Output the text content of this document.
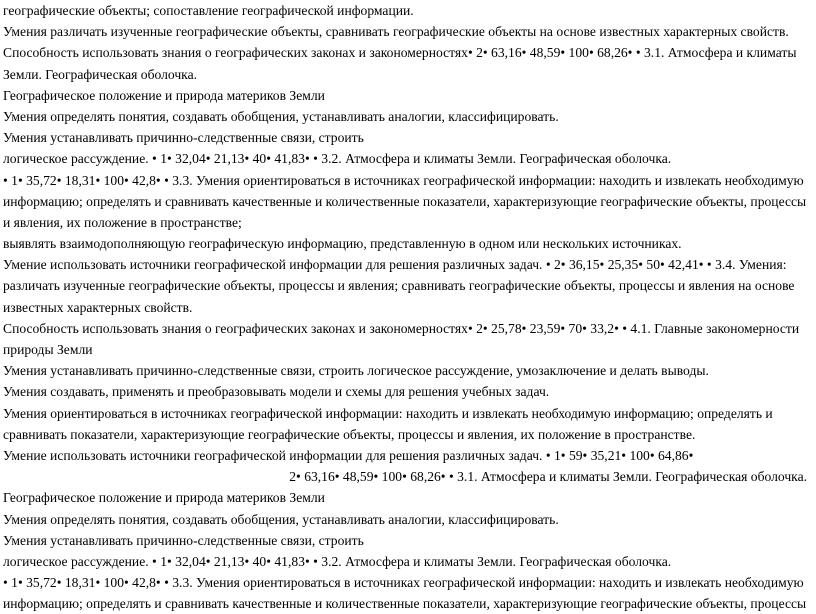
географические объекты; сопоставление географической информации.
Умения различать изученные географические объекты, сравнивать географические объекты на основе известных характерных свойств.
Способность использовать знания о географических законах и закономерностях• 2• 63,16• 48,59• 100• 68,26• • 3.1. Атмосфера и климаты
Земли. Географическая оболочка.
Географическое положение и природа материков Земли
Умения определять понятия, создавать обобщения, устанавливать аналогии, классифицировать.
Умения устанавливать причинно-следственные связи, строить
логическое рассуждение. • 1• 32,04• 21,13• 40• 41,83• • 3.2. Атмосфера и климаты Земли. Географическая оболочка.
• 1• 35,72• 18,31• 100• 42,8• • 3.3. Умения ориентироваться в источниках географической информации: находить и извлекать необходимую
информацию; определять и сравнивать качественные и количественные показатели, характеризующие географические объекты, процессы
и явления, их положение в пространстве;
выявлять взаимодополняющую географическую информацию, представленную в одном или нескольких источниках.
Умение использовать источники географической информации для решения различных задач. • 2• 36,15• 25,35• 50• 42,41• • 3.4. Умения:
различать изученные географические объекты, процессы и явления; сравнивать географические объекты, процессы и явления на основе
известных характерных свойств.
Способность использовать знания о географических законах и закономерностях• 2• 25,78• 23,59• 70• 33,2• • 4.1. Главные закономерности
природы Земли
Умения устанавливать причинно-следственные связи, строить логическое рассуждение, умозаключение и делать выводы.
Умения создавать, применять и преобразовывать модели и схемы для решения учебных задач.
Умения ориентироваться в источниках географической информации: находить и извлекать необходимую информацию; определять и
сравнивать показатели, характеризующие географические объекты, процессы и явления, их положение в пространстве.
Умение использовать источники географической информации для решения различных задач. • 1• 59• 35,21• 100• 64,86•
2• 63,16• 48,59• 100• 68,26• • 3.1. Атмосфера и климаты Земли. Географическая оболочка.
Географическое положение и природа материков Земли
Умения определять понятия, создавать обобщения, устанавливать аналогии, классифицировать.
Умения устанавливать причинно-следственные связи, строить
логическое рассуждение. • 1• 32,04• 21,13• 40• 41,83• • 3.2. Атмосфера и климаты Земли. Географическая оболочка.
• 1• 35,72• 18,31• 100• 42,8• • 3.3. Умения ориентироваться в источниках географической информации: находить и извлекать необходимую
информацию; определять и сравнивать качественные и количественные показатели, характеризующие географические объекты, процессы
